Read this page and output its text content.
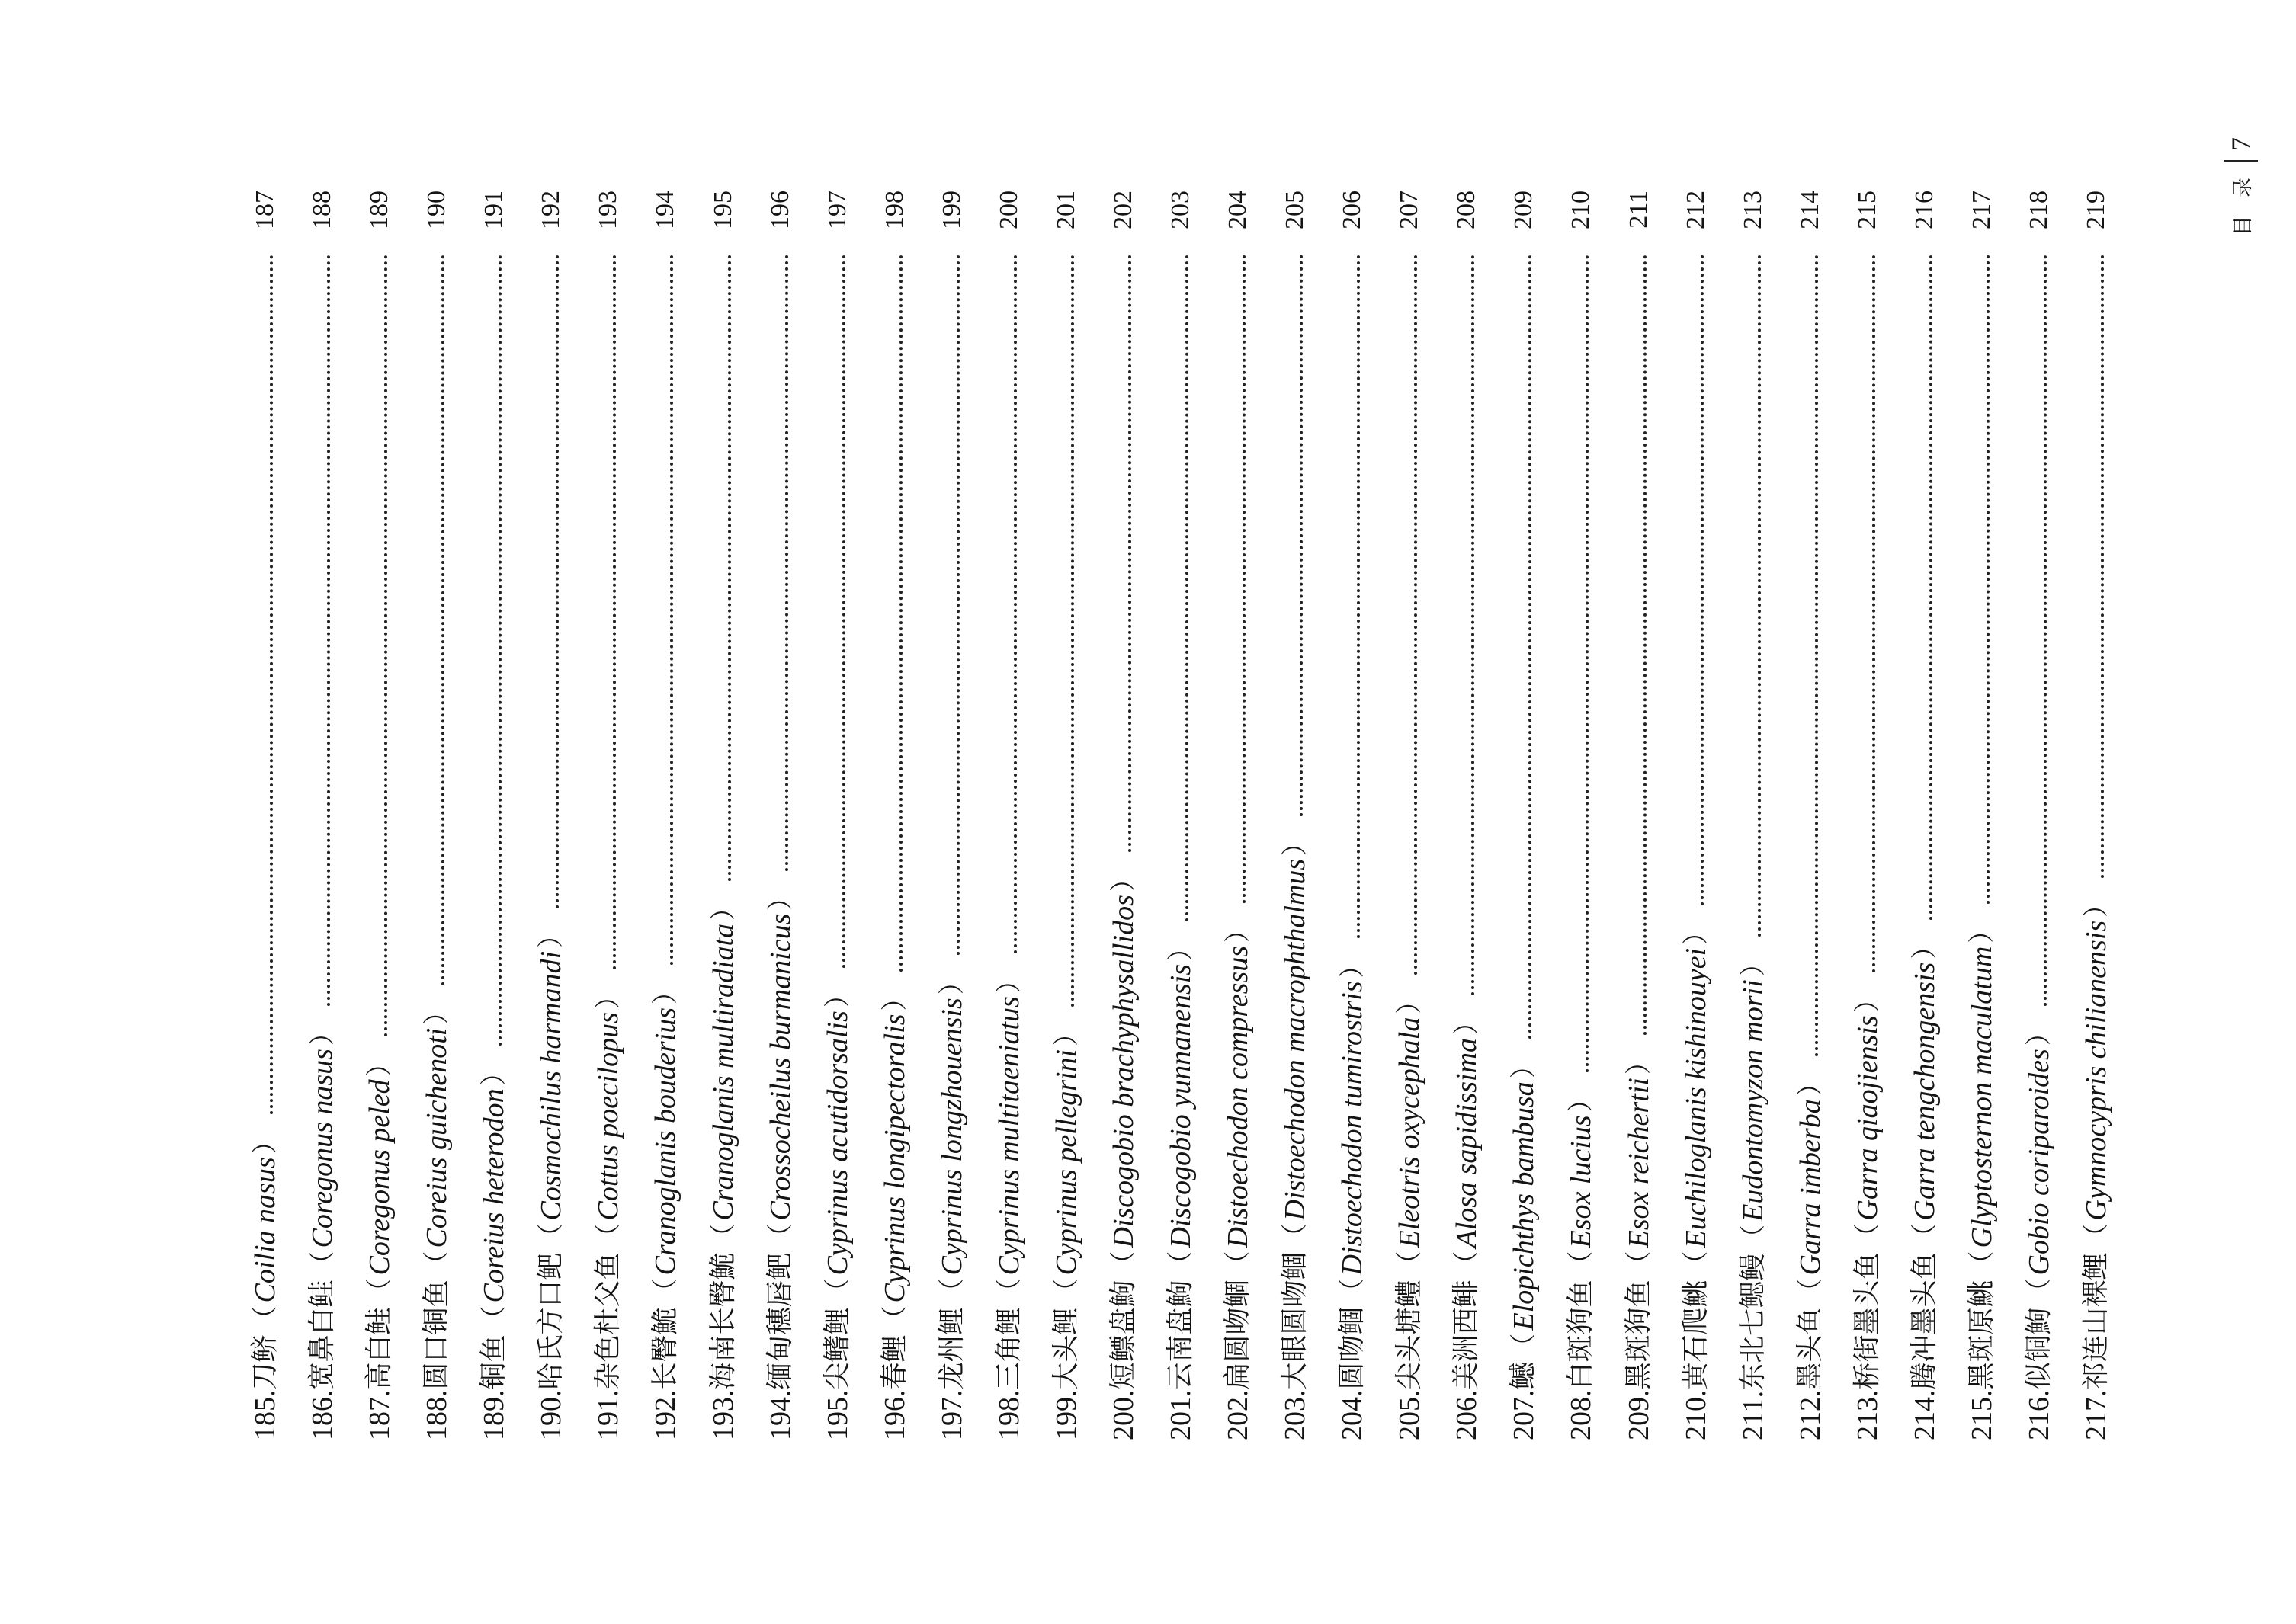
目 录
7
185.
刀鲚
（
Coilia nasus
）
187
186.
宽鼻白鲑
（
Coregonus nasus
）
188
187.
高白鲑
（
Coregonus peled
）
189
188.
圆口铜鱼
（
Coreius guichenoti
）
190
189.
铜鱼
（
Coreius heterodon
）
191
190.
哈氏方口鲃
（
Cosmochilus harmandi
）
192
191.
杂色杜父鱼
（
Cottus poecilopus
）
193
192.
长臀鮠
（
Cranoglanis bouderius
）
194
193.
海南长臀鮠
（
Cranoglanis multiradiata
）
195
194.
缅甸穗唇鲃
（
Crossocheilus burmanicus
）
196
195.
尖鳍鲤
（
Cyprinus acutidorsalis
）
197
196.
春鲤
（
Cyprinus longipectoralis
）
198
197.
龙州鲤
（
Cyprinus longzhouensis
）
199
198.
三角鲤
（
Cyprinus multitaeniatus
）
200
199.
大头鲤
（
Cyprinus pellegrini
）
201
200.
短鳔盘鮈
（
Discogobio brachyphysallidos
）
202
201.
云南盘鮈
（
Discogobio yunnanensis
）
203
202.
扁圆吻鲴
（
Distoechodon compressus
）
204
203.
大眼圆吻鲴
（
Distoechodon macrophthalmus
）
205
204.
圆吻鲴
（
Distoechodon tumirostris
）
206
205.
尖头塘鳢
（
Eleotris oxycephala
）
207
206.
美洲西鲱
（
Alosa sapidissima
）
208
207.
鳡
（
Elopichthys bambusa
）
209
208.
白斑狗鱼
（
Esox lucius
）
210
209.
黑斑狗鱼
（
Esox reichertii
）
211
210.
黄石爬鮡
（
Euchiloglanis kishinouyei
）
212
211.
东北七鳃鳗
（
Eudontomyzon morii
）
213
212.
墨头鱼
（
Garra imberba
）
214
213.
桥街墨头鱼
（
Garra qiaojiensis
）
215
214.
腾冲墨头鱼
（
Garra tengchongensis
）
216
215.
黑斑原鮡
（
Glyptosternon maculatum
）
217
216.
似铜鮈
（
Gobio coriparoides
）
218
217.
祁连山裸鲤
（
Gymnocypris chilianensis
）
219
